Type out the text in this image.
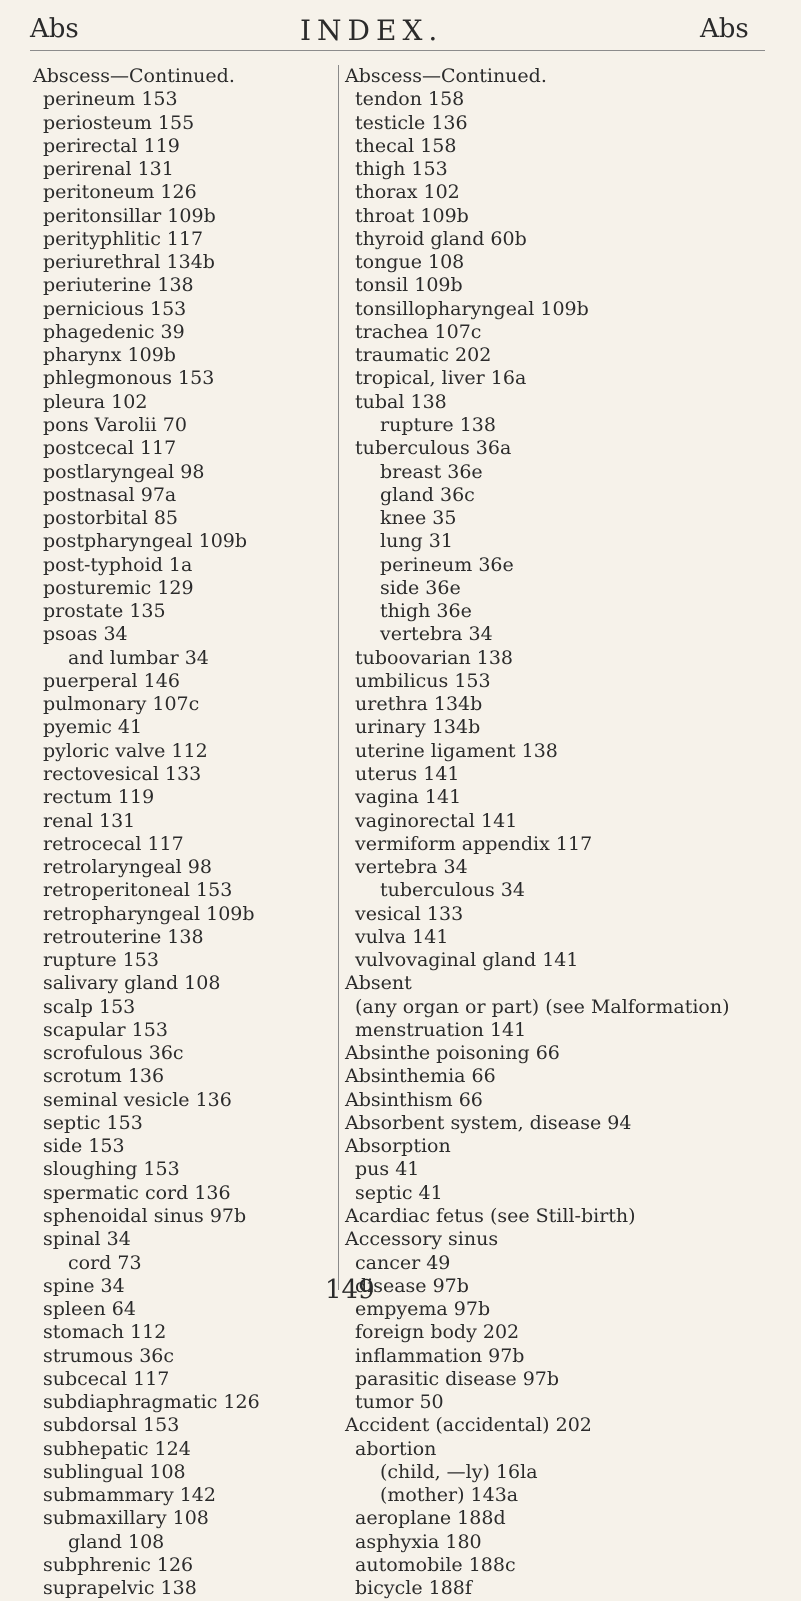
Abs	INDEX.	Abs
Abscess—Continued.
perineum 153
periosteum 155
perirectal 119
perirenal 131
peritoneum 126
peritonsillar 109b
perityphlitic 117
periurethral 134b
periuterine 138
pernicious 153
phagedenic 39
pharynx 109b
phlegmonous 153
pleura 102
pons Varolii 70
postcecal 117
postlaryngeal 98
postnasal 97a
postorbital 85
postpharyngeal 109b
post-typhoid 1a
posturemic 129
prostate 135
psoas 34
and lumbar 34
puerperal 146
pulmonary 107c
pyemic 41
pyloric valve 112
rectovesical 133
rectum 119
renal 131
retrocecal 117
retrolaryngeal 98
retroperitoneal 153
retropharyngeal 109b
retrouterine 138
rupture 153
salivary gland 108
scalp 153
scapular 153
scrofulous 36c
scrotum 136
seminal vesicle 136
septic 153
side 153
sloughing 153
spermatic cord 136
sphenoidal sinus 97b
spinal 34
cord 73
spine 34
spleen 64
stomach 112
strumous 36c
subcecal 117
subdiaphragmatic 126
subdorsal 153
subhepatic 124
sublingual 108
submammary 142
submaxillary 108
gland 108
subphrenic 126
suprapelvic 138
Abscess—Continued.
tendon 158
testicle 136
thecal 158
thigh 153
thorax 102
throat 109b
thyroid gland 60b
tongue 108
tonsil 109b
tonsillopharyngeal 109b
trachea 107c
traumatic 202
tropical, liver 16a
tubal 138
rupture 138
tuberculous 36a
breast 36e
gland 36c
knee 35
lung 31
perineum 36e
side 36e
thigh 36e
vertebra 34
tuboovarian 138
umbilicus 153
urethra 134b
urinary 134b
uterine ligament 138
uterus 141
vagina 141
vaginorectal 141
vermiform appendix 117
vertebra 34
tuberculous 34
vesical 133
vulva 141
vulvovaginal gland 141
Absent
(any organ or part) (see Malformation)
menstruation 141
Absinthe poisoning 66
Absinthemia 66
Absinthism 66
Absorbent system, disease 94
Absorption
pus 41
septic 41
Acardiac fetus (see Still-birth)
Accessory sinus
cancer 49
disease 97b
empyema 97b
foreign body 202
inflammation 97b
parasitic disease 97b
tumor 50
Accident (accidental) 202
abortion
(child, —ly) 16la
(mother) 143a
aeroplane 188d
asphyxia 180
automobile 188c
bicycle 188f
149
